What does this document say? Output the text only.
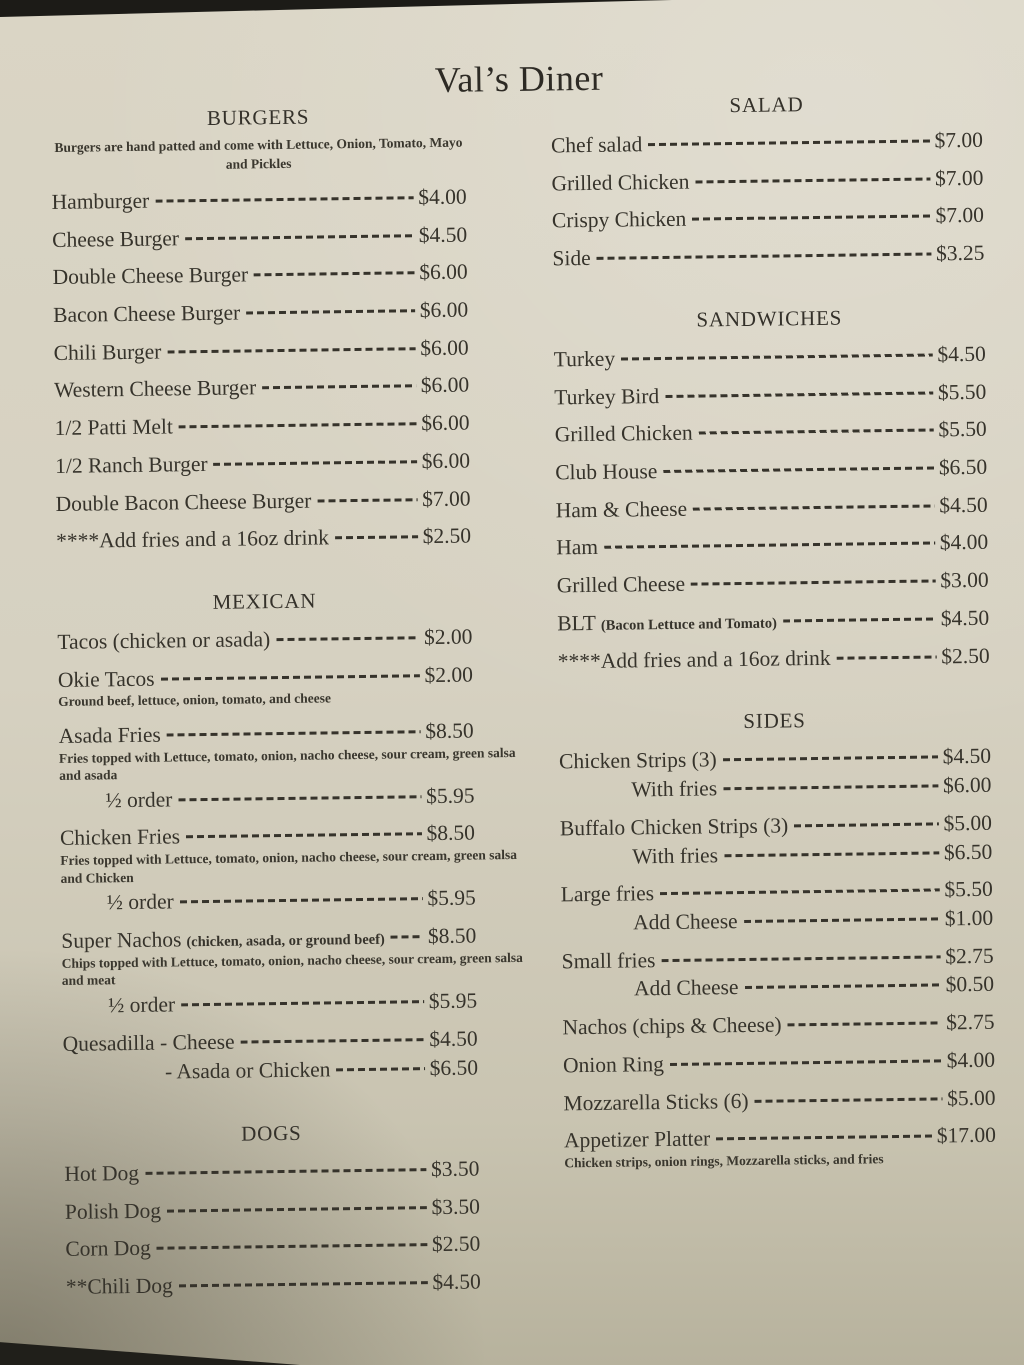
Val’s Diner
BURGERS

Burgers are hand patted and come with Lettuce, Onion, Tomato, Mayo and Pickles

Hamburger	$4.00
Cheese Burger	$4.50
Double Cheese Burger	$6.00
Bacon Cheese Burger	$6.00
Chili Burger	$6.00
Western Cheese Burger	$6.00
1/2 Patti Melt	$6.00
1/2 Ranch Burger	$6.00
Double Bacon Cheese Burger	$7.00
****Add fries and a 16oz drink	$2.50
MEXICAN
Tacos (chicken or asada)	$2.00
Okie Tacos	$2.00

Ground beef, lettuce, onion, tomato, and cheese

Asada Fries	$8.50

Fries topped with Lettuce, tomato, onion, nacho cheese, sour cream, green salsa and asada

½ order	$5.95
Chicken Fries	$8.50

Fries topped with Lettuce, tomato, onion, nacho cheese, sour cream, green salsa and Chicken

½ order	$5.95
Super Nachos (chicken, asada, or ground beef) $8.50

Chips topped with Lettuce, tomato, onion, nacho cheese, sour cream, green salsa and meat

½ order	$5.95
Quesadilla - Cheese	$4.50
- Asada or Chicken	$6.50
DOGS
Hot Dog	$3.50
Polish Dog	$3.50
Corn Dog	$2.50
**Chili Dog	$4.50
SALAD
Chef salad	$7.00
Grilled Chicken	$7.00
Crispy Chicken	$7.00
Side	$3.25
SANDWICHES
Turkey	$4.50
Turkey Bird	$5.50
Grilled Chicken	$5.50
Club House	$6.50
Ham & Cheese	$4.50
Ham	$4.00
Grilled Cheese	$3.00
BLT (Bacon Lettuce and Tomato)	$4.50
****Add fries and a 16oz drink	$2.50
SIDES
Chicken Strips (3)	$4.50
With fries	$6.00
Buffalo Chicken Strips (3)	$5.00
With fries	$6.50
Large fries	$5.50
Add Cheese	$1.00
Small fries	$2.75
Add Cheese	$0.50
Nachos (chips & Cheese)	$2.75
Onion Ring	$4.00
Mozzarella Sticks (6)	$5.00
Appetizer Platter	$17.00

Chicken strips, onion rings, Mozzarella sticks, and fries
